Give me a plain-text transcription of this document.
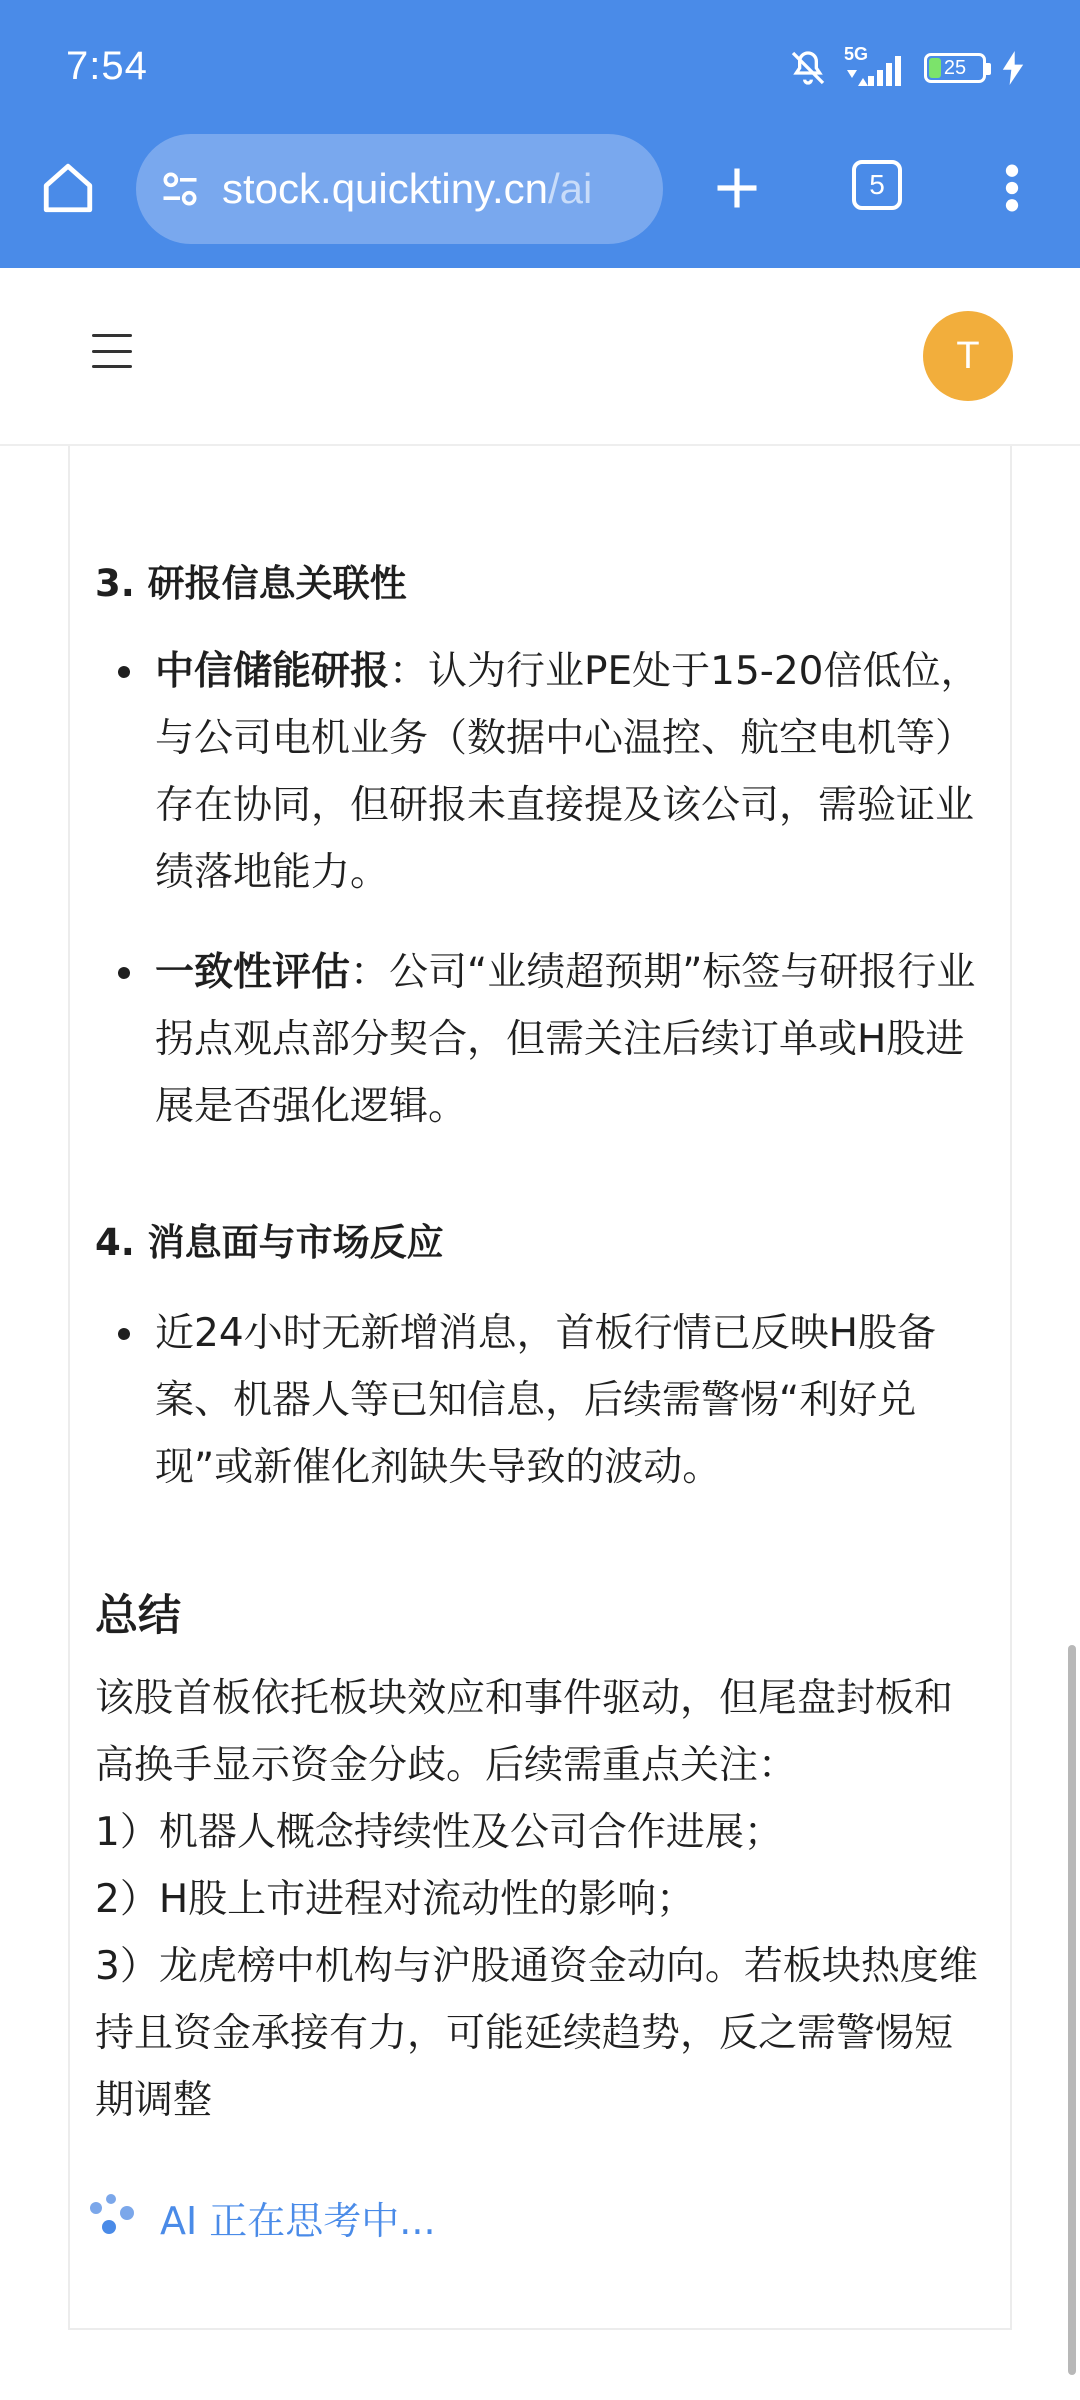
7:54	5G
25
stock.quicktiny.cn/ai	5
T
3. 研报信息关联性
中信储能研报：认为行业PE处于15-20倍低位，与公司电机业务（数据中心温控、航空电机等）存在协同，但研报未直接提及该公司，需验证业绩落地能力。
一致性评估：公司“业绩超预期”标签与研报行业拐点观点部分契合，但需关注后续订单或H股进展是否强化逻辑。
4. 消息面与市场反应
近24小时无新增消息，首板行情已反映H股备案、机器人等已知信息，后续需警惕“利好兑现”或新催化剂缺失导致的波动。
总结
该股首板依托板块效应和事件驱动，但尾盘封板和高换手显示资金分歧。后续需重点关注：
1）机器人概念持续性及公司合作进展；
2）H股上市进程对流动性的影响；
3）龙虎榜中机构与沪股通资金动向。若板块热度维持且资金承接有力，可能延续趋势，反之需警惕短期调整
AI 正在思考中...
